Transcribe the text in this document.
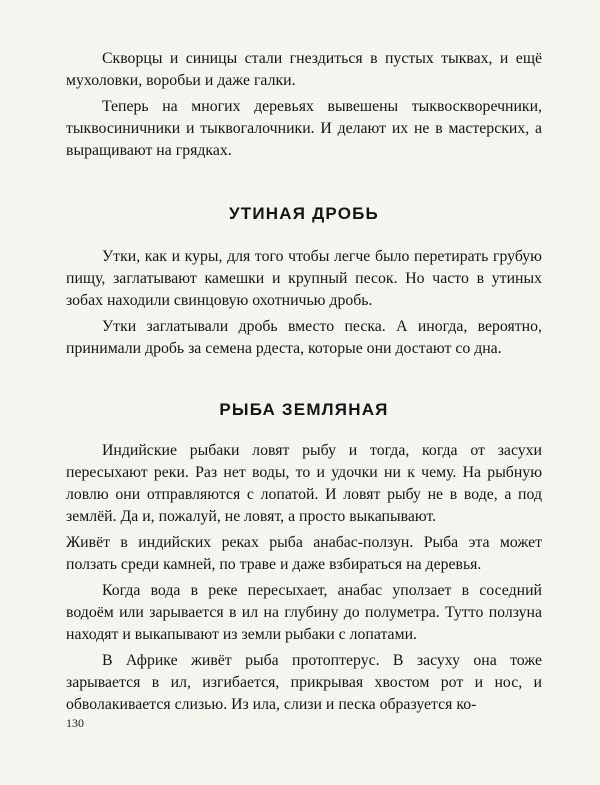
Скворцы и синицы стали гнездиться в пустых тыквах, и ещё мухоловки, воробьи и даже галки.

Теперь на многих деревьях вывешены тыквоскворечники, тыквосиничники и тыквогалочники. И делают их не в мастерских, а выращивают на грядках.

УТИНАЯ ДРОБЬ

Утки, как и куры, для того чтобы легче было перетирать грубую пищу, заглатывают камешки и крупный песок. Но часто в утиных зобах находили свинцовую охотничью дробь.

Утки заглатывали дробь вместо песка. А иногда, вероятно, принимали дробь за семена рдеста, которые они достают со дна.

РЫБА ЗЕМЛЯНАЯ

Индийские рыбаки ловят рыбу и тогда, когда от засухи пересыхают реки. Раз нет воды, то и удочки ни к чему. На рыбную ловлю они отправляются с лопатой. И ловят рыбу не в воде, а под землёй. Да и, пожалуй, не ловят, а просто выкапывают.

Живёт в индийских реках рыба анабас-ползун. Рыба эта может ползать среди камней, по траве и даже взбираться на деревья.

Когда вода в реке пересыхает, анабас уползает в соседний водоём или зарывается в ил на глубину до полуметра. Тутто ползуна находят и выкапывают из земли рыбаки с лопатами.

В Африке живёт рыба протоптерус. В засуху она тоже зарывается в ил, изгибается, прикрывая хвостом рот и нос, и обволакивается слизью. Из ила, слизи и песка образуется ко-

130
